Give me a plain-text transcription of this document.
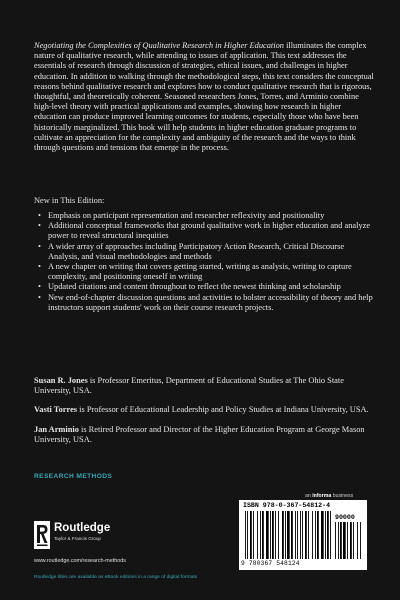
Negotiating the Complexities of Qualitative Research in Higher Education illuminates the complex nature of qualitative research, while attending to issues of application. This text addresses the essentials of research through discussion of strategies, ethical issues, and challenges in higher education. In addition to walking through the methodological steps, this text considers the conceptual reasons behind qualitative research and explores how to conduct qualitative research that is rigorous, thoughtful, and theoretically coherent. Seasoned researchers Jones, Torres, and Arminio combine high-level theory with practical applications and examples, showing how research in higher education can produce improved learning outcomes for students, especially those who have been historically marginalized. This book will help students in higher education graduate programs to cultivate an appreciation for the complexity and ambiguity of the research and the ways to think through questions and tensions that emerge in the process.

New in This Edition:
• Emphasis on participant representation and researcher reflexivity and positionality
• Additional conceptual frameworks that ground qualitative work in higher education and analyze power to reveal structural inequities
• A wider array of approaches including Participatory Action Research, Critical Discourse Analysis, and visual methodologies and methods
• A new chapter on writing that covers getting started, writing as analysis, writing to capture complexity, and positioning oneself in writing
• Updated citations and content throughout to reflect the newest thinking and scholarship
• New end-of-chapter discussion questions and activities to bolster accessibility of theory and help instructors support students' work on their course research projects.

Susan R. Jones is Professor Emeritus, Department of Educational Studies at The Ohio State University, USA.

Vasti Torres is Professor of Educational Leadership and Policy Studies at Indiana University, USA.

Jan Arminio is Retired Professor and Director of the Higher Education Program at George Mason University, USA.

RESEARCH METHODS
an informa business
Routledge
Taylor & Francis Group
www.routledge.com/research-methods
Routledge titles are available as eBook editions in a range of digital formats
ISBN 978-0-367-54812-4
90000
9 780367 548124
